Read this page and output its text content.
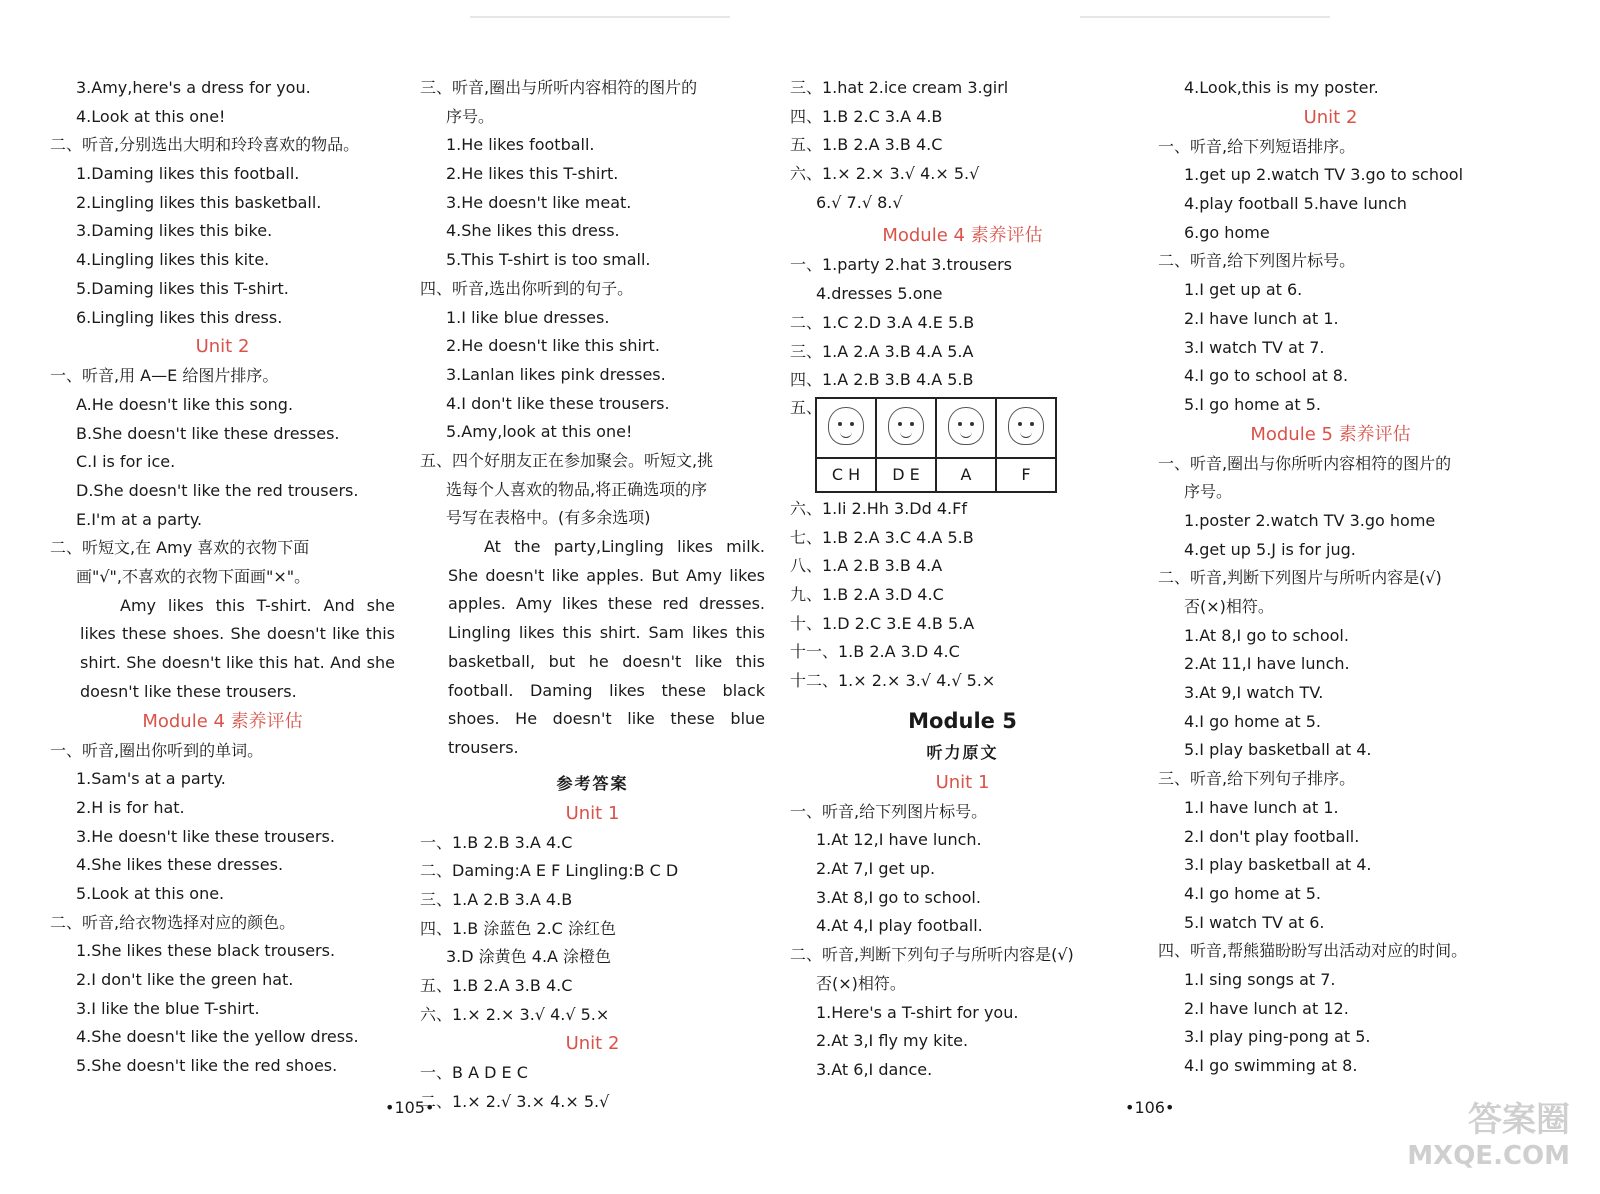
3.Amy,here's a dress for you.
4.Look at this one!
二、听音,分别选出大明和玲玲喜欢的物品。
1.Daming likes this football.
2.Lingling likes this basketball.
3.Daming likes this bike.
4.Lingling likes this kite.
5.Daming likes this T-shirt.
6.Lingling likes this dress.
Unit 2
一、听音,用 A—E 给图片排序。
A.He doesn't like this song.
B.She doesn't like these dresses.
C.I is for ice.
D.She doesn't like the red trousers.
E.I'm at a party.
二、听短文,在 Amy 喜欢的衣物下面
画"√",不喜欢的衣物下面画"×"。
Amy likes this T-shirt. And she likes these shoes. She doesn't like this shirt. She doesn't like this hat. And she doesn't like these trousers.
Module 4 素养评估
一、听音,圈出你听到的单词。
1.Sam's at a party.
2.H is for hat.
3.He doesn't like these trousers.
4.She likes these dresses.
5.Look at this one.
二、听音,给衣物选择对应的颜色。
1.She likes these black trousers.
2.I don't like the green hat.
3.I like the blue T-shirt.
4.She doesn't like the yellow dress.
5.She doesn't like the red shoes.
三、听音,圈出与所听内容相符的图片的
序号。
1.He likes football.
2.He likes this T-shirt.
3.He doesn't like meat.
4.She likes this dress.
5.This T-shirt is too small.
四、听音,选出你听到的句子。
1.I like blue dresses.
2.He doesn't like this shirt.
3.Lanlan likes pink dresses.
4.I don't like these trousers.
5.Amy,look at this one!
五、四个好朋友正在参加聚会。听短文,挑
选每个人喜欢的物品,将正确选项的序
号写在表格中。(有多余选项)
At the party,Lingling likes milk. She doesn't like apples. But Amy likes apples. Amy likes these red dresses. Lingling likes this shirt. Sam likes this basketball, but he doesn't like this football. Daming likes these black shoes. He doesn't like these blue trousers.
参考答案
Unit 1
一、1.B 2.B 3.A 4.C
二、Daming:A E F Lingling:B C D
三、1.A 2.B 3.A 4.B
四、1.B 涂蓝色 2.C 涂红色
3.D 涂黄色 4.A 涂橙色
五、1.B 2.A 3.B 4.C
六、1.× 2.× 3.√ 4.√ 5.×
Unit 2
一、B A D E C
二、1.× 2.√ 3.× 4.× 5.√
三、1.hat 2.ice cream 3.girl
四、1.B 2.C 3.A 4.B
五、1.B 2.A 3.B 4.C
六、1.× 2.× 3.√ 4.× 5.√
6.√ 7.√ 8.√
Module 4 素养评估
一、1.party 2.hat 3.trousers
4.dresses 5.one
二、1.C 2.D 3.A 4.E 5.B
三、1.A 2.A 3.B 4.A 5.A
四、1.A 2.B 3.B 4.A 5.B
五、

C H	D E	A	F
六、1.Ii 2.Hh 3.Dd 4.Ff
七、1.B 2.A 3.C 4.A 5.B
八、1.A 2.B 3.B 4.A
九、1.B 2.A 3.D 4.C
十、1.D 2.C 3.E 4.B 5.A
十一、1.B 2.A 3.D 4.C
十二、1.× 2.× 3.√ 4.√ 5.×
Module 5
听力原文
Unit 1
一、听音,给下列图片标号。
1.At 12,I have lunch.
2.At 7,I get up.
3.At 8,I go to school.
4.At 4,I play football.
二、听音,判断下列句子与所听内容是(√)
否(×)相符。
1.Here's a T-shirt for you.
2.At 3,I fly my kite.
3.At 6,I dance.
4.Look,this is my poster.
Unit 2
一、听音,给下列短语排序。
1.get up 2.watch TV 3.go to school
4.play football 5.have lunch
6.go home
二、听音,给下列图片标号。
1.I get up at 6.
2.I have lunch at 1.
3.I watch TV at 7.
4.I go to school at 8.
5.I go home at 5.
Module 5 素养评估
一、听音,圈出与你所听内容相符的图片的
序号。
1.poster 2.watch TV 3.go home
4.get up 5.J is for jug.
二、听音,判断下列图片与所听内容是(√)
否(×)相符。
1.At 8,I go to school.
2.At 11,I have lunch.
3.At 9,I watch TV.
4.I go home at 5.
5.I play basketball at 4.
三、听音,给下列句子排序。
1.I have lunch at 1.
2.I don't play football.
3.I play basketball at 4.
4.I go home at 5.
5.I watch TV at 6.
四、听音,帮熊猫盼盼写出活动对应的时间。
1.I sing songs at 7.
2.I have lunch at 12.
3.I play ping-pong at 5.
4.I go swimming at 8.
•105•	•106•	答案圈
MXQE.COM
